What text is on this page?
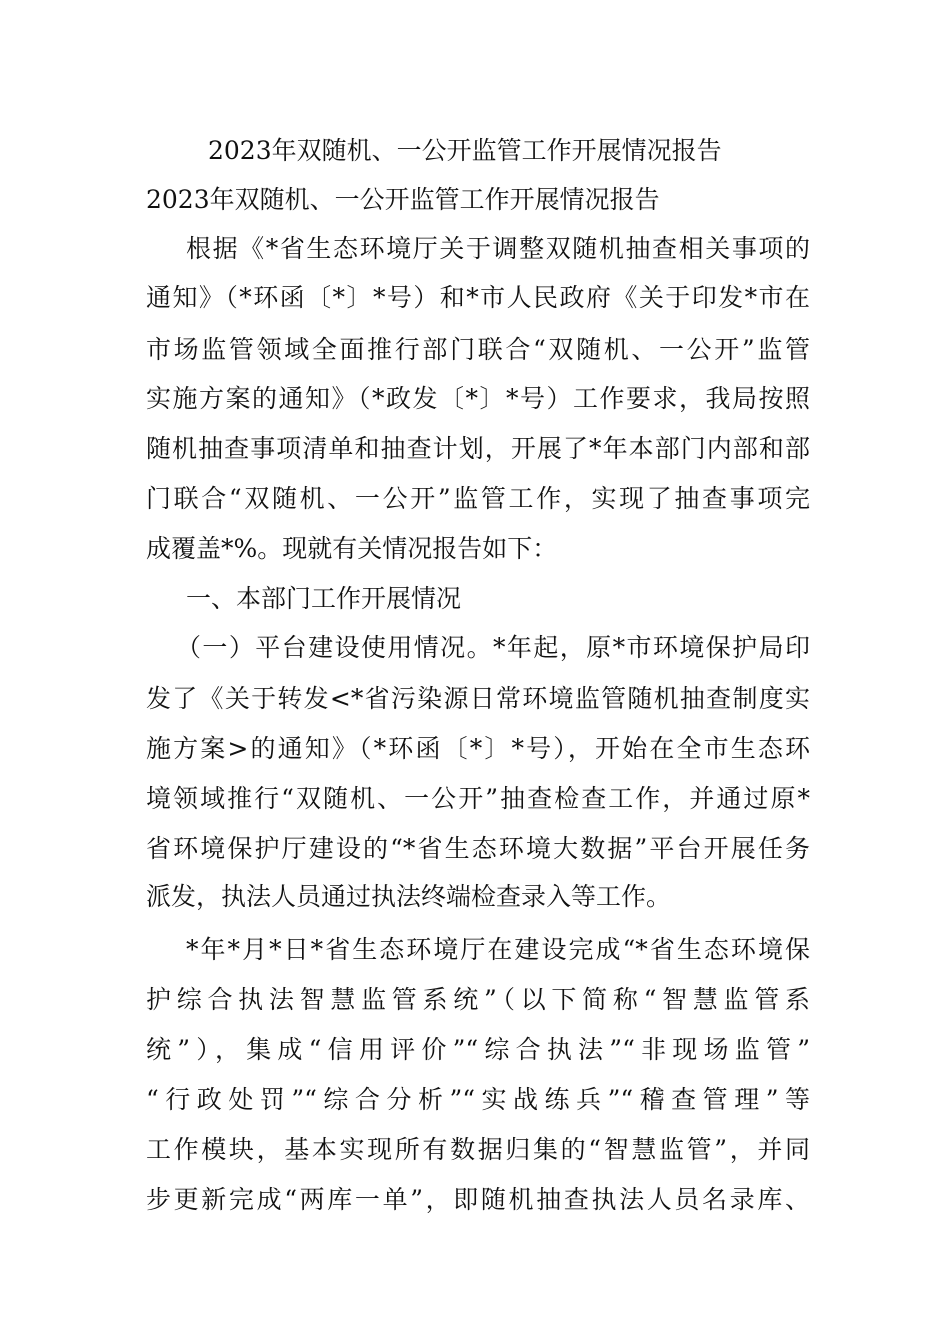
2023年双随机、一公开监管工作开展情况报告
2023年双随机、一公开监管工作开展情况报告
根据《*省生态环境厅关于调整双随机抽查相关事项的
通知》（*环函〔*〕*号）和*市人民政府《关于印发*市在
市场监管领域全面推行部门联合“双随机、一公开”监管
实施方案的通知》（*政发〔*〕*号）工作要求，我局按照
随机抽查事项清单和抽查计划，开展了*年本部门内部和部
门联合“双随机、一公开”监管工作，实现了抽查事项完
成覆盖*%。现就有关情况报告如下：
一、本部门工作开展情况
（一）平台建设使用情况。*年起，原*市环境保护局印
发了《关于转发<*省污染源日常环境监管随机抽查制度实
施方案>的通知》（*环函〔*〕*号），开始在全市生态环
境领域推行“双随机、一公开”抽查检查工作，并通过原*
省环境保护厅建设的“*省生态环境大数据”平台开展任务
派发，执法人员通过执法终端检查录入等工作。
*年*月*日*省生态环境厅在建设完成“*省生态环境保
护综合执法智慧监管系统”（以下简称“智慧监管系
统”），集成“信用评价”“综合执法”“非现场监管”
“行政处罚”“综合分析”“实战练兵”“稽查管理”等
工作模块，基本实现所有数据归集的“智慧监管”，并同
步更新完成“两库一单”，即随机抽查执法人员名录库、
